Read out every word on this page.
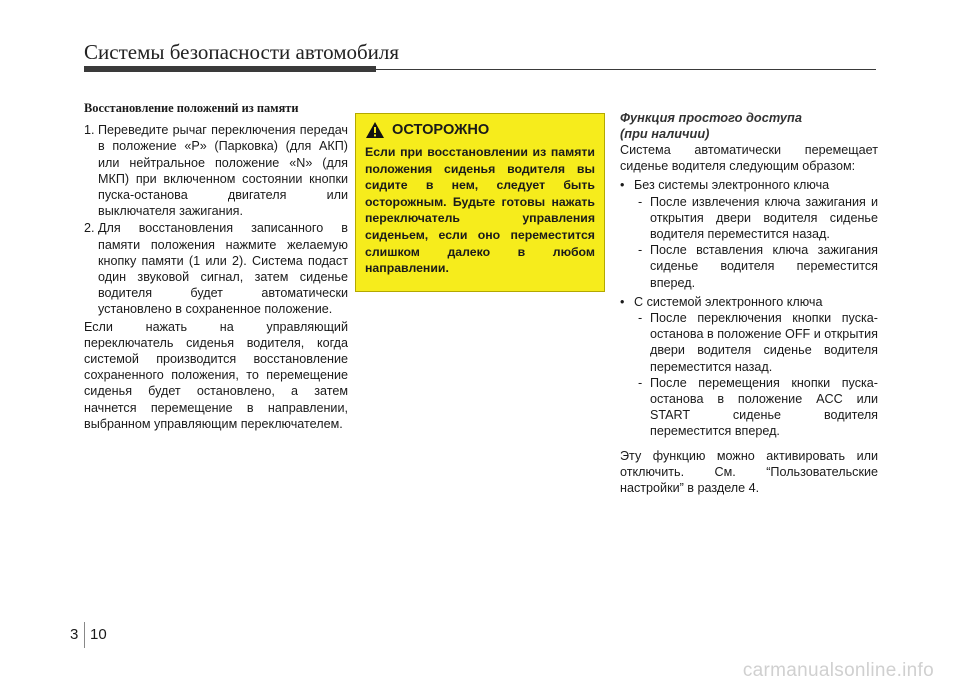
Системы безопасности автомобиля
Восстановление положений из памяти
1. Переведите рычаг переключения передач в положение «P» (Парковка) (для АКП) или нейтральное положение «N» (для МКП) при включенном состоянии кнопки пуска-останова двигателя или выключателя зажигания.
2. Для восстановления записанного в памяти положения нажмите желаемую кнопку памяти (1 или 2). Система подаст один звуковой сигнал, затем сиденье водителя будет автоматически установлено в сохраненное положение.
Если нажать на управляющий переключатель сиденья водителя, когда системой производится восстановление сохраненного положения, то перемещение сиденья будет остановлено, а затем начнется перемещение в направлении, выбранном управляющим переключателем.
ОСТОРОЖНО
Если при восстановлении из памяти положения сиденья водителя вы сидите в нем, следует быть осторожным. Будьте готовы нажать переключатель управления сиденьем, если оно переместится слишком далеко в любом направлении.
Функция простого доступа
(при наличии)
Система автоматически перемещает сиденье водителя следующим образом:
• Без системы электронного ключа
- После извлечения ключа зажигания и открытия двери водителя сиденье водителя переместится назад.
- После вставления ключа зажигания сиденье водителя переместится вперед.
• С системой электронного ключа
- После переключения кнопки пуска-останова в положение OFF и открытия двери водителя сиденье водителя переместится назад.
- После перемещения кнопки пуска-останова в положение ACC или START сиденье водителя переместится вперед.
Эту функцию можно активировать или отключить. См. “Пользовательские настройки” в разделе 4.
3 10
carmanualsonline.info
